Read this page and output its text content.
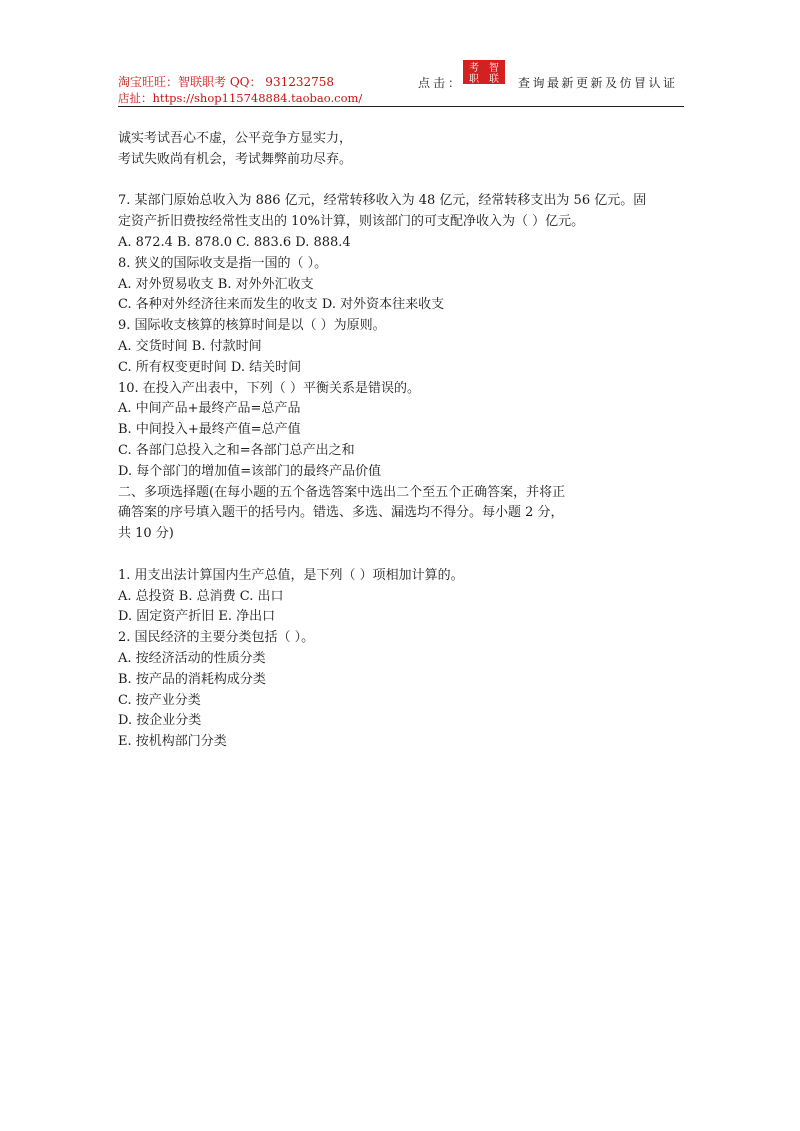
淘宝旺旺：智联职考 QQ： 931232758
店扯：https://shop115748884.taobao.com/
点击：	查询最新更新及仿冒认证
考 智
职 联

诚实考试吾心不虚，公平竞争方显实力，

考试失败尚有机会，考试舞弊前功尽弃。

7. 某部门原始总收入为 886 亿元，经常转移收入为 48 亿元，经常转移支出为 56 亿元。固

定资产折旧费按经常性支出的 10%计算，则该部门的可支配净收入为（ ）亿元。

A. 872.4 B. 878.0 C. 883.6 D. 888.4

8. 狭义的国际收支是指一国的（ ）。

A. 对外贸易收支 B. 对外外汇收支

C. 各种对外经济往来而发生的收支 D. 对外资本往来收支

9. 国际收支核算的核算时间是以（ ）为原则。

A. 交货时间 B. 付款时间

C. 所有权变更时间 D. 结关时间

10. 在投入产出表中，下列（ ）平衡关系是错误的。

A. 中间产品+最终产品=总产品

B. 中间投入+最终产值=总产值

C. 各部门总投入之和=各部门总产出之和

D. 每个部门的增加值=该部门的最终产品价值

二、多项选择题(在每小题的五个备选答案中选出二个至五个正确答案，并将正

确答案的序号填入题干的括号内。错选、多选、漏选均不得分。每小题 2 分，

共 10 分)

1. 用支出法计算国内生产总值，是下列（ ）项相加计算的。

A. 总投资 B. 总消费 C. 出口

D. 固定资产折旧 E. 净出口

2. 国民经济的主要分类包括（ ）。

A. 按经济活动的性质分类

B. 按产品的消耗构成分类

C. 按产业分类

D. 按企业分类

E. 按机构部门分类
